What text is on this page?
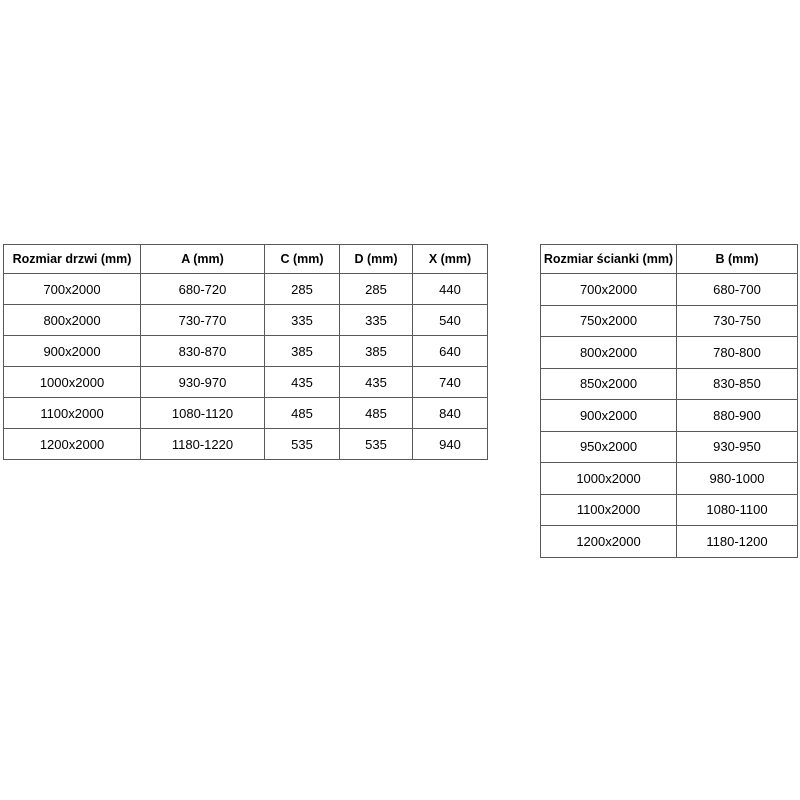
Rozmiar drzwi (mm)	A (mm)	C (mm)	D (mm)	X (mm)
700x2000	680-720	285	285	440
800x2000	730-770	335	335	540
900x2000	830-870	385	385	640
1000x2000	930-970	435	435	740
1100x2000	1080-1120	485	485	840
1200x2000	1180-1220	535	535	940
Rozmiar ścianki (mm)	B (mm)
700x2000	680-700
750x2000	730-750
800x2000	780-800
850x2000	830-850
900x2000	880-900
950x2000	930-950
1000x2000	980-1000
1100x2000	1080-1100
1200x2000	1180-1200
